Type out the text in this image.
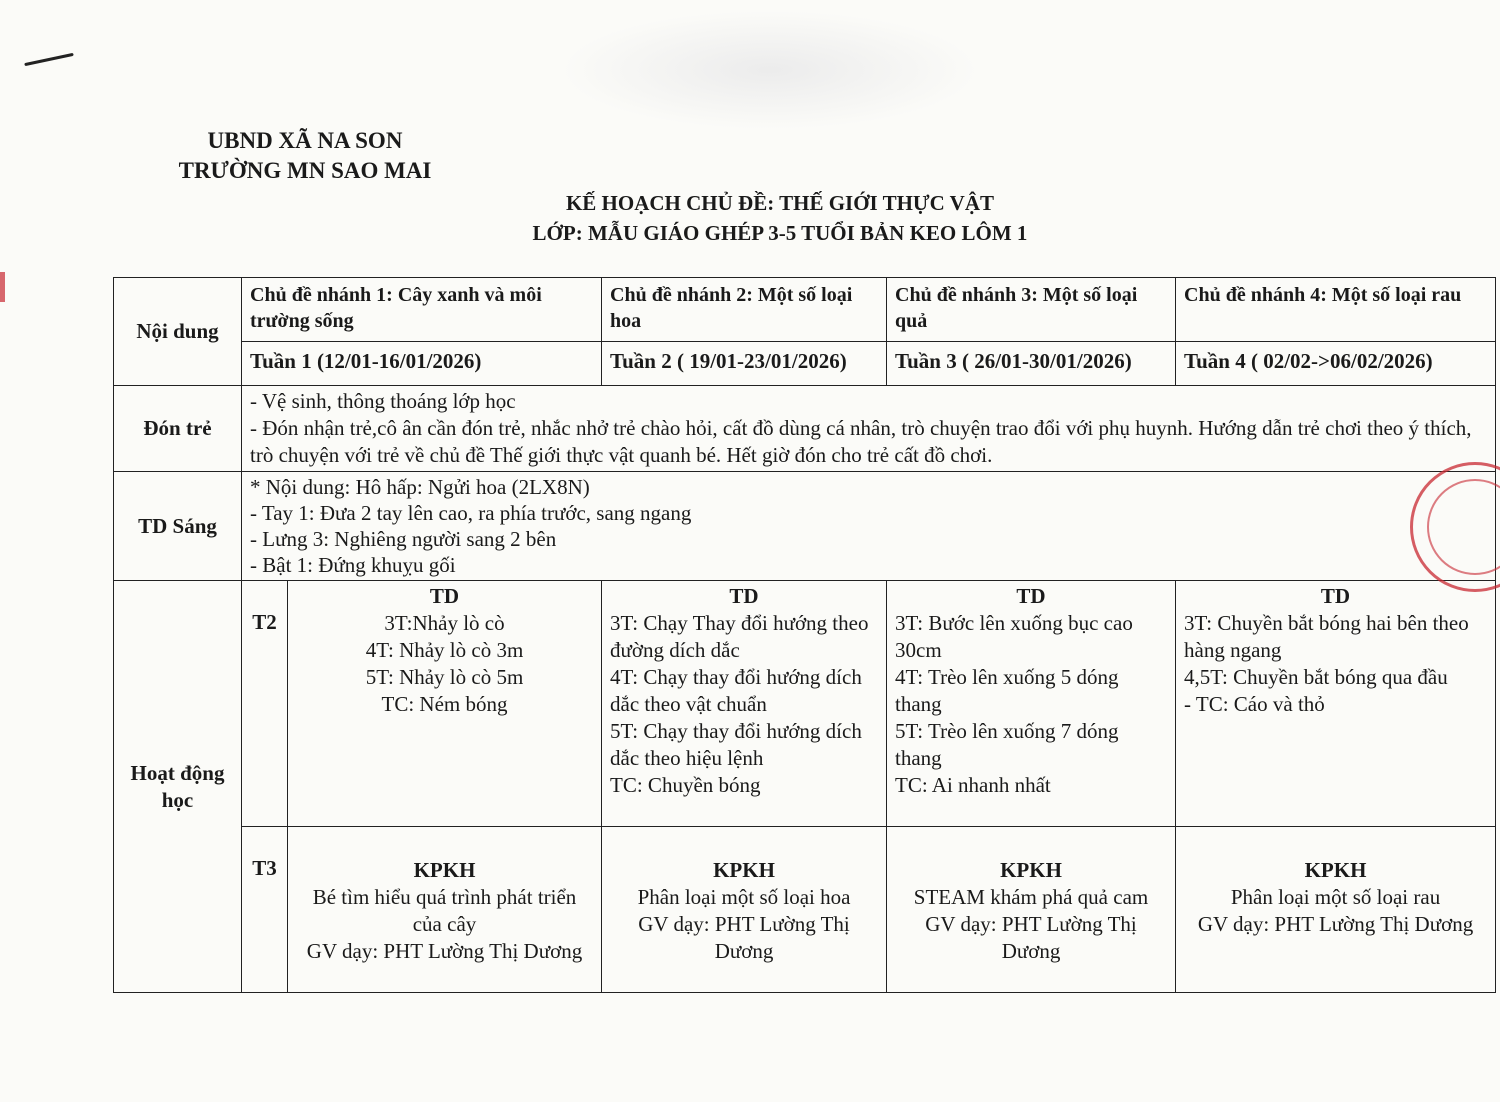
UBND XÃ NA SON
TRƯỜNG MN SAO MAI
KẾ HOẠCH CHỦ ĐỀ: THẾ GIỚI THỰC VẬT
LỚP: MẪU GIÁO GHÉP 3-5 TUỔI BẢN KEO LÔM 1
Nội dung	Chủ đề nhánh 1: Cây xanh và môi trường sống		Chủ đề nhánh 2: Một số loại hoa	Chủ đề nhánh 3: Một số loại quả	Chủ đề nhánh 4: Một số loại rau
	Tuần 1 (12/01-16/01/2026)		Tuần 2 ( 19/01-23/01/2026)	Tuần 3 ( 26/01-30/01/2026)	Tuần 4 ( 02/02->06/02/2026)
Đón trẻ	- Vệ sinh, thông thoáng lớp học
- Đón nhận trẻ,cô ân cần đón trẻ, nhắc nhở trẻ chào hỏi, cất đồ dùng cá nhân, trò chuyện trao đổi với phụ huynh. Hướng dẫn trẻ chơi theo ý thích, trò chuyện với trẻ về chủ đề Thế giới thực vật quanh bé. Hết giờ đón cho trẻ cất đồ chơi.				

TD Sáng	* Nội dung: Hô hấp: Ngửi hoa (2LX8N)
- Tay 1: Đưa 2 tay lên cao, ra phía trước, sang ngang
- Lưng 3: Nghiêng người sang 2 bên
- Bật 1: Đứng khuỵu gối				

Hoạt động học	T2	TD
3T:Nhảy lò cò
4T: Nhảy lò cò 3m
5T: Nhảy lò cò 5m
TC: Ném bóng	TD
3T: Chạy Thay đổi hướng theo đường dích dắc
4T: Chạy thay đổi hướng dích dắc theo vật chuẩn
5T: Chạy thay đổi hướng dích dắc theo hiệu lệnh
TC: Chuyền bóng	TD
3T: Bước lên xuống bục cao 30cm
4T: Trèo lên xuống 5 dóng thang
5T: Trèo lên xuống 7 dóng thang
TC: Ai nhanh nhất	TD
3T: Chuyền bắt bóng hai bên theo hàng ngang
4,5T: Chuyền bắt bóng qua đầu
- TC: Cáo và thỏ

	T3	KPKH
Bé tìm hiểu quá trình phát triển của cây
GV dạy: PHT Lường Thị Dương	KPKH
Phân loại một số loại hoa
GV dạy: PHT Lường Thị Dương	KPKH
STEAM khám phá quả cam
GV dạy: PHT Lường Thị Dương	KPKH
Phân loại một số loại rau
GV dạy: PHT Lường Thị Dương
